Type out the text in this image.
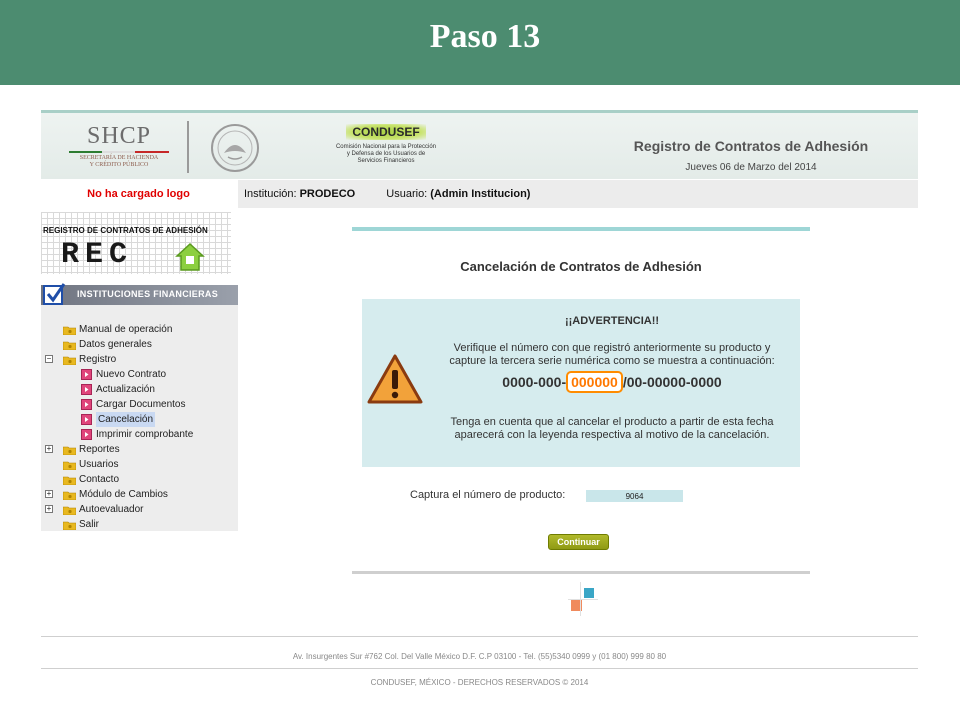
Paso 13
SHCP
SECRETARÍA DE HACIENDA
Y CRÉDITO PÚBLICO
CONDUSEF
Comisión Nacional para la Protección
y Defensa de los Usuarios de
Servicios Financieros
Registro de Contratos de Adhesión
Jueves 06 de Marzo del 2014
No ha cargado logo	Institución: PRODECO	Usuario: (Admin Institucion)
REGISTRO DE CONTRATOS DE ADHESIÓN
REC
INSTITUCIONES FINANCIERAS
Manual de operación
Datos generales
−	Registro
Nuevo Contrato
Actualización
Cargar Documentos
Cancelación
Imprimir comprobante
+	Reportes
Usuarios
Contacto
+	Módulo de Cambios
+	Autoevaluador
Salir
Cancelación de Contratos de Adhesión
¡¡ADVERTENCIA!!
Verifique el número con que registró anteriormente su producto y
capture la tercera serie numérica como se muestra a continuación:
0000-000- 000000 /00-00000-0000
Tenga en cuenta que al cancelar el producto a partir de esta fecha
aparecerá con la leyenda respectiva al motivo de la cancelación.
Captura el número de producto:
9064
Continuar
Av. Insurgentes Sur #762 Col. Del Valle México D.F. C.P 03100 - Tel. (55)5340 0999 y (01 800) 999 80 80
CONDUSEF, MÉXICO - DERECHOS RESERVADOS © 2014
